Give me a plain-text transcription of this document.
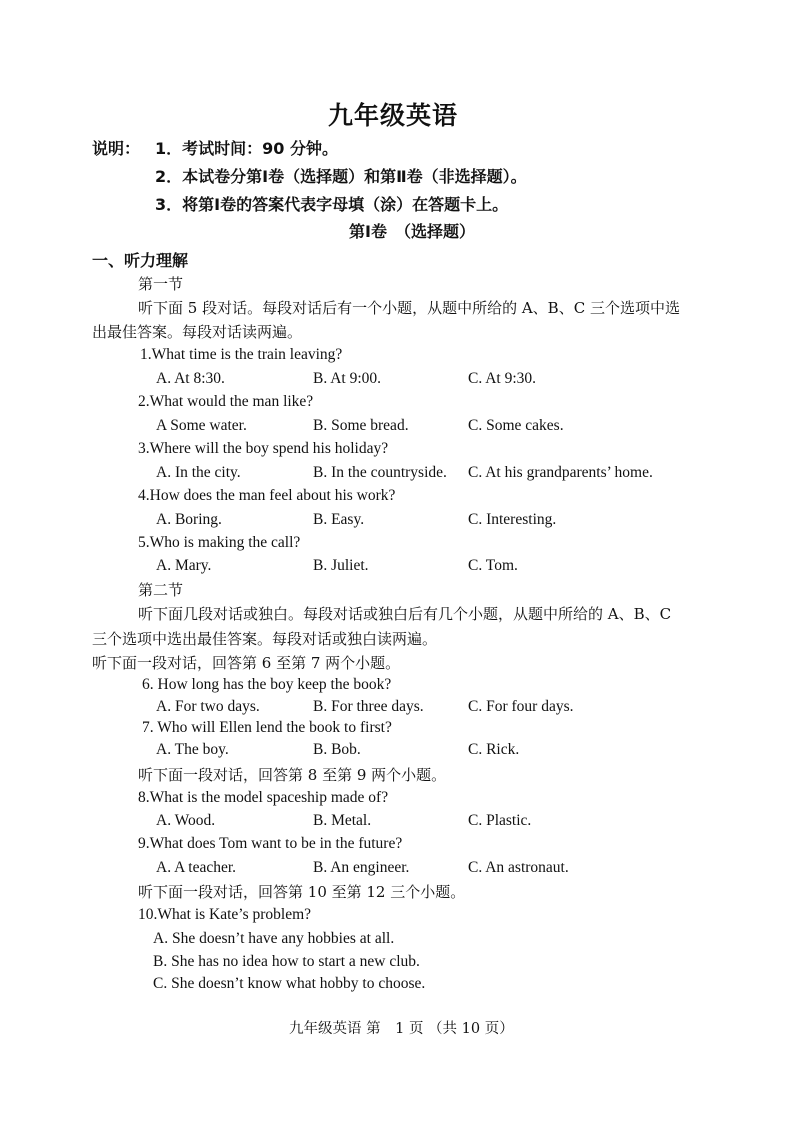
九年级英语
说明： 1．考试时间：90 分钟。
2．本试卷分第Ⅰ卷（选择题）和第Ⅱ卷（非选择题）。
3．将第Ⅰ卷的答案代表字母填（涂）在答题卡上。
第Ⅰ卷　（选择题）
一、听力理解
第一节
听下面 5 段对话。每段对话后有一个小题，从题中所给的 A、B、C 三个选项中选
出最佳答案。每段对话读两遍。
1.What time is the train leaving?
A. At 8:30.	B. At 9:00.	C. At 9:30.
2.What would the man like?
A Some water.	B. Some bread.	C. Some cakes.
3.Where will the boy spend his holiday?
A. In the city.	B. In the countryside. C. At his grandparents’ home.
4.How does the man feel about his work?
A. Boring.	B. Easy.	C. Interesting.
5.Who is making the call?
A. Mary.	B. Juliet.	C. Tom.
第二节
听下面几段对话或独白。每段对话或独白后有几个小题，从题中所给的 A、B、C
三个选项中选出最佳答案。每段对话或独白读两遍。
听下面一段对话，回答第 6 至第 7 两个小题。
6. How long has the boy keep the book?
A. For two days.	B. For three days.	C. For four days.
7. Who will Ellen lend the book to first?
A. The boy.	B. Bob.	C. Rick.
听下面一段对话，回答第 8 至第 9 两个小题。
8.What is the model spaceship made of?
A. Wood.	B. Metal.	C. Plastic.
9.What does Tom want to be in the future?
A. A teacher.	B. An engineer.	C. An astronaut.
听下面一段对话，回答第 10 至第 12 三个小题。
10.What is Kate’s problem?
A. She doesn’t have any hobbies at all.
B. She has no idea how to start a new club.
C. She doesn’t know what hobby to choose.
九年级英语 第　1 页 （共 10 页）
